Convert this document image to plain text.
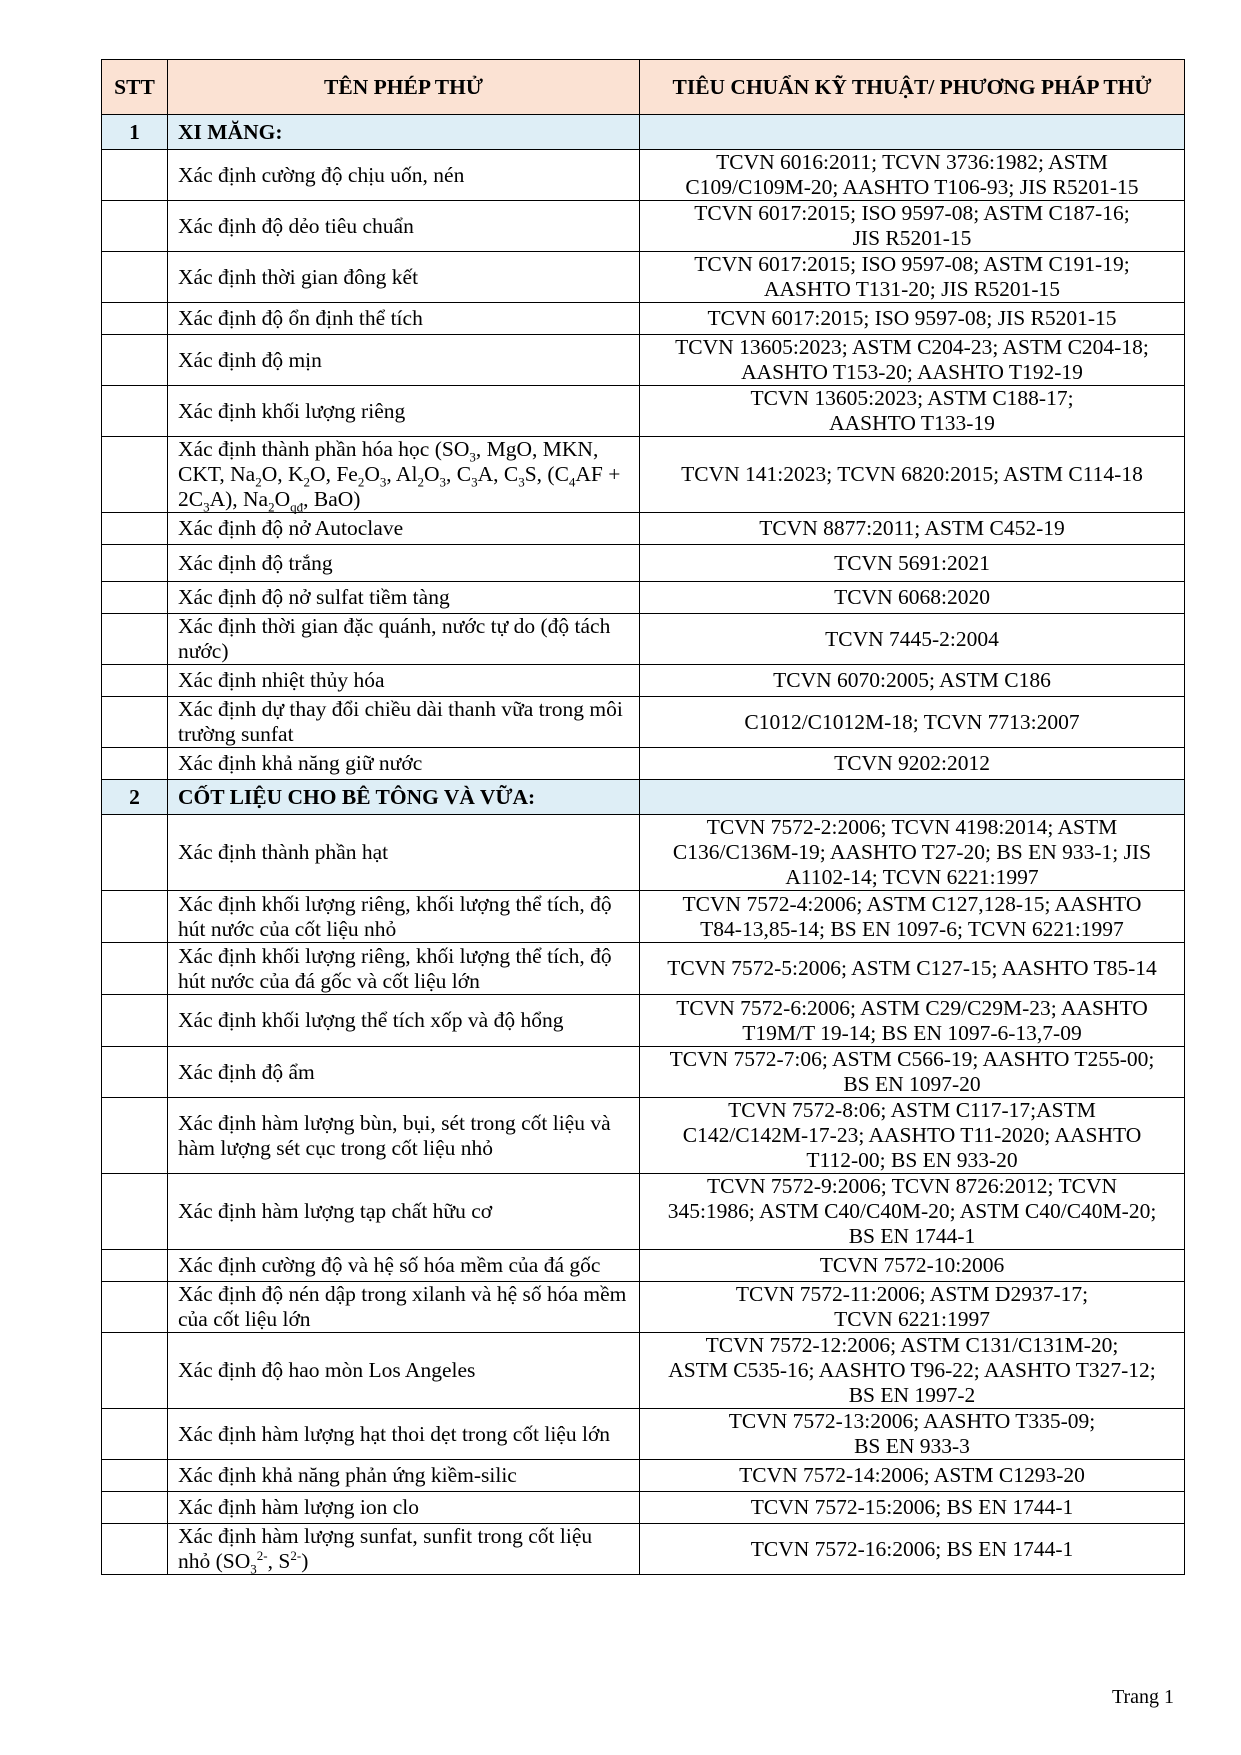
STT	TÊN PHÉP THỬ	TIÊU CHUẨN KỸ THUẬT/ PHƯƠNG PHÁP THỬ
1	XI MĂNG:	
	Xác định cường độ chịu uốn, nén	TCVN 6016:2011; TCVN 3736:1982; ASTM
C109/C109M-20; AASHTO T106-93; JIS R5201-15

	Xác định độ dẻo tiêu chuẩn	TCVN 6017:2015; ISO 9597-08; ASTM C187-16;
JIS R5201-15

	Xác định thời gian đông kết	TCVN 6017:2015; ISO 9597-08; ASTM C191-19;
AASHTO T131-20; JIS R5201-15

	Xác định độ ổn định thể tích	TCVN 6017:2015; ISO 9597-08; JIS R5201-15

	Xác định độ mịn	TCVN 13605:2023; ASTM C204-23; ASTM C204-18;
AASHTO T153-20; AASHTO T192-19

	Xác định khối lượng riêng	TCVN 13605:2023; ASTM C188-17;
AASHTO T133-19

	Xác định thành phần hóa học ($SO_3$, MgO, MKN, CKT, $Na_2O$, $K_2O$, $Fe_2O_3$, $Al_2O_3$, $C_3A$, $C_3S$, $(C_4AF + 2C_3A)$, $Na_2O_{qđ}$, BaO)	TCVN 141:2023; TCVN 6820:2015; ASTM C114-18

	Xác định độ nở Autoclave	TCVN 8877:2011; ASTM C452-19

	Xác định độ trắng	TCVN 5691:2021

	Xác định độ nở sulfat tiềm tàng	TCVN 6068:2020

	Xác định thời gian đặc quánh, nước tự do (độ tách nước)	TCVN 7445-2:2004

	Xác định nhiệt thủy hóa	TCVN 6070:2005; ASTM C186

	Xác định dự thay đổi chiều dài thanh vữa trong môi trường sunfat	C1012/C1012M-18; TCVN 7713:2007

	Xác định khả năng giữ nước	TCVN 9202:2012

2	CỐT LIỆU CHO BÊ TÔNG VÀ VỮA:	
	Xác định thành phần hạt	TCVN 7572-2:2006; TCVN 4198:2014; ASTM
C136/C136M-19; AASHTO T27-20; BS EN 933-1; JIS
A1102-14; TCVN 6221:1997

	Xác định khối lượng riêng, khối lượng thể tích, độ hút nước của cốt liệu nhỏ	TCVN 7572-4:2006; ASTM C127,128-15; AASHTO
T84-13,85-14; BS EN 1097-6; TCVN 6221:1997

	Xác định khối lượng riêng, khối lượng thể tích, độ hút nước của đá gốc và cốt liệu lớn	TCVN 7572-5:2006; ASTM C127-15; AASHTO T85-14

	Xác định khối lượng thể tích xốp và độ hổng	TCVN 7572-6:2006; ASTM C29/C29M-23; AASHTO
T19M/T 19-14; BS EN 1097-6-13,7-09

	Xác định độ ẩm	TCVN 7572-7:06; ASTM C566-19; AASHTO T255-00;
BS EN 1097-20

	Xác định hàm lượng bùn, bụi, sét trong cốt liệu và hàm lượng sét cục trong cốt liệu nhỏ	TCVN 7572-8:06; ASTM C117-17;ASTM
C142/C142M-17-23; AASHTO T11-2020; AASHTO
T112-00; BS EN 933-20

	Xác định hàm lượng tạp chất hữu cơ	TCVN 7572-9:2006; TCVN 8726:2012; TCVN
345:1986; ASTM C40/C40M-20; ASTM C40/C40M-20;
BS EN 1744-1

	Xác định cường độ và hệ số hóa mềm của đá gốc	TCVN 7572-10:2006

	Xác định độ nén dập trong xilanh và hệ số hóa mềm của cốt liệu lớn	TCVN 7572-11:2006; ASTM D2937-17;
TCVN 6221:1997

	Xác định độ hao mòn Los Angeles	TCVN 7572-12:2006; ASTM C131/C131M-20;
ASTM C535-16; AASHTO T96-22; AASHTO T327-12;
BS EN 1997-2

	Xác định hàm lượng hạt thoi dẹt trong cốt liệu lớn	TCVN 7572-13:2006; AASHTO T335-09;
BS EN 933-3

	Xác định khả năng phản ứng kiềm-silic	TCVN 7572-14:2006; ASTM C1293-20

	Xác định hàm lượng ion clo	TCVN 7572-15:2006; BS EN 1744-1

	Xác định hàm lượng sunfat, sunfit trong cốt liệu nhỏ ($SO_3^{2-}$, $S^{2-}$)	TCVN 7572-16:2006; BS EN 1744-1
Trang 1
